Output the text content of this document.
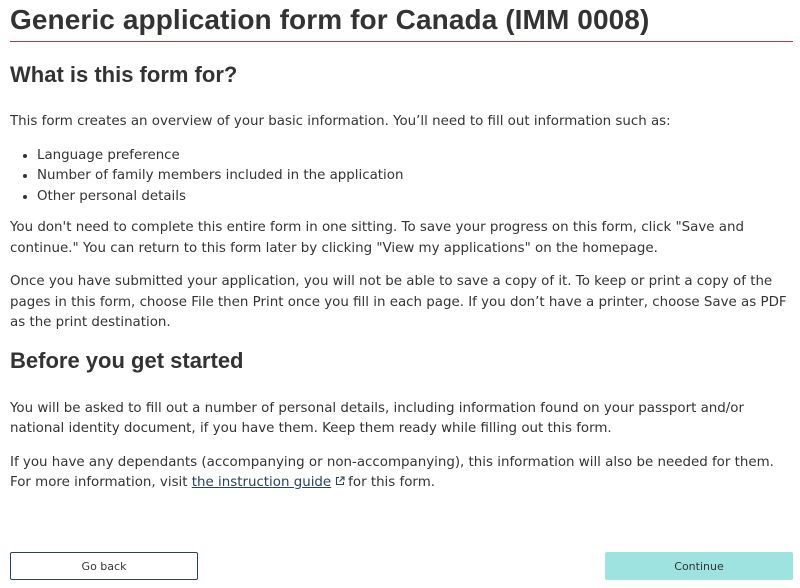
Generic application form for Canada (IMM 0008)
What is this form for?

This form creates an overview of your basic information. You’ll need to fill out information such as:

• Language preference
• Number of family members included in the application
• Other personal details

You don't need to complete this entire form in one sitting. To save your progress on this form, click "Save and continue." You can return to this form later by clicking "View my applications" on the homepage.

Once you have submitted your application, you will not be able to save a copy of it. To keep or print a copy of the pages in this form, choose File then Print once you fill in each page. If you don’t have a printer, choose Save as PDF as the print destination.

Before you get started

You will be asked to fill out a number of personal details, including information found on your passport and/or national identity document, if you have them. Keep them ready while filling out this form.

If you have any dependants (accompanying or non-accompanying), this information will also be needed for them. For more information, visit the instruction guide for this form.

Go back	Continue
